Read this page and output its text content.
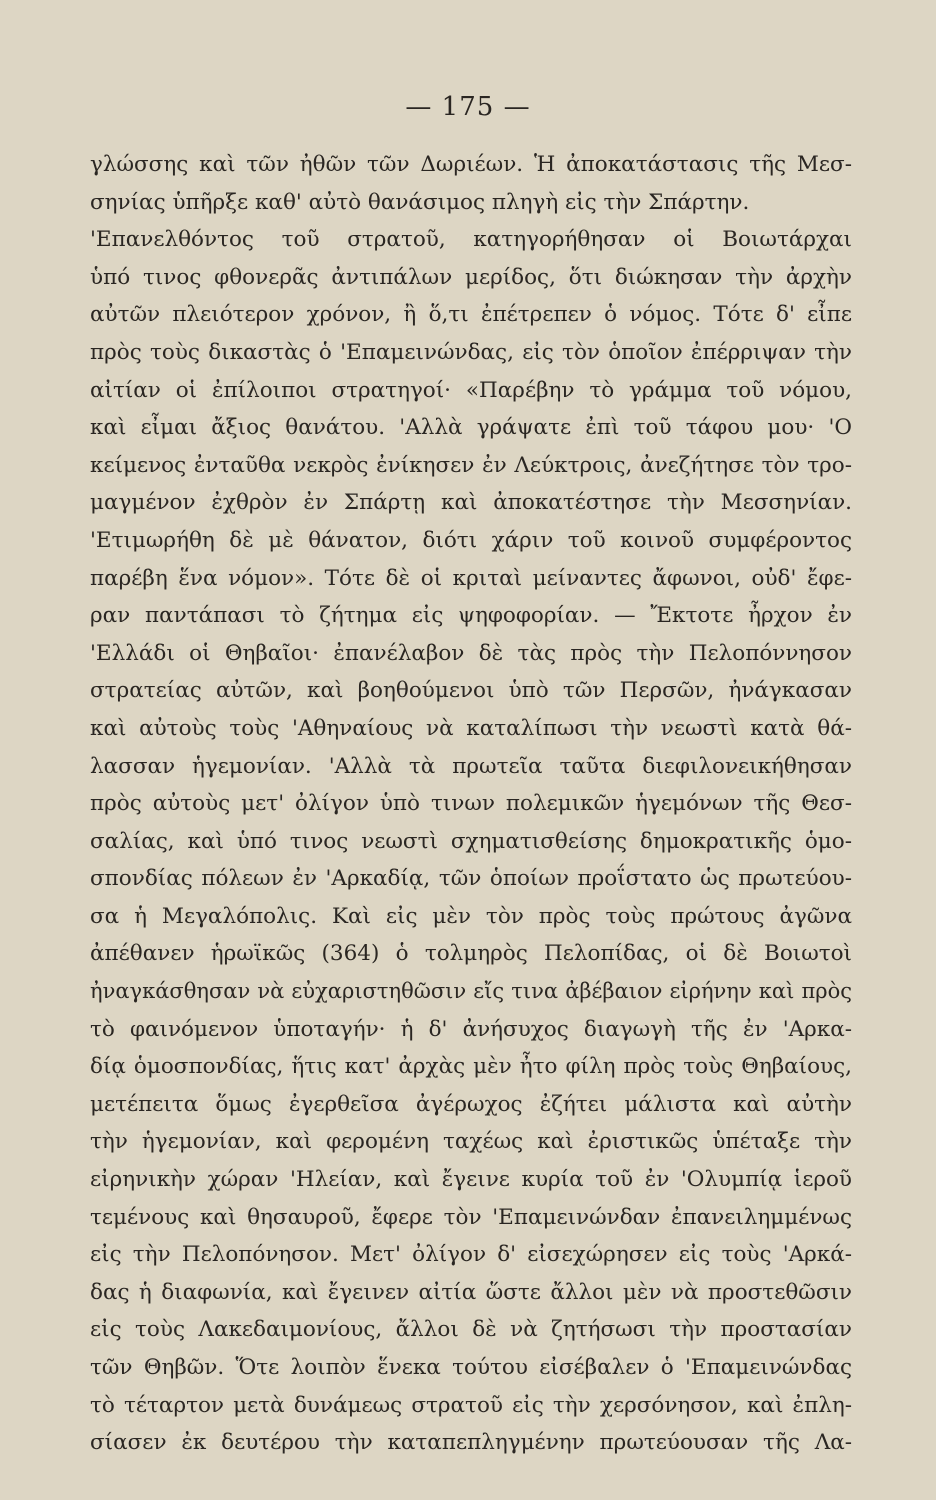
— 175 —
γλώσσης καὶ τῶν ἠθῶν τῶν Δωριέων. Ἡ ἀποκατάστασις τῆς Μεσ-
σηνίας ὑπῆρξε καθ' αὐτὸ θανάσιμος πληγὴ εἰς τὴν Σπάρτην.
'Επανελθόντος τοῦ στρατοῦ, κατηγορήθησαν οἱ Βοιωτάρχαι
ὑπό τινος φθονερᾶς ἀντιπάλων μερίδος, ὅτι διώκησαν τὴν ἀρχὴν
αὐτῶν πλειότερον χρόνον, ἢ ὅ,τι ἐπέτρεπεν ὁ νόμος. Τότε δ' εἶπε
πρὸς τοὺς δικαστὰς ὁ 'Επαμεινώνδας, εἰς τὸν ὁποῖον ἐπέρριψαν τὴν
αἰτίαν οἱ ἐπίλοιποι στρατηγοί· «Παρέβην τὸ γράμμα τοῦ νόμου,
καὶ εἶμαι ἄξιος θανάτου. 'Αλλὰ γράψατε ἐπὶ τοῦ τάφου μου· 'Ο
κείμενος ἐνταῦθα νεκρὸς ἐνίκησεν ἐν Λεύκτροις, ἀνεζήτησε τὸν τρο-
μαγμένον ἐχθρὸν ἐν Σπάρτῃ καὶ ἀποκατέστησε τὴν Μεσσηνίαν.
'Ετιμωρήθη δὲ μὲ θάνατον, διότι χάριν τοῦ κοινοῦ συμφέροντος
παρέβη ἕνα νόμον». Τότε δὲ οἱ κριταὶ μείναντες ἄφωνοι, οὐδ' ἔφε-
ραν παντάπασι τὸ ζήτημα εἰς ψηφοφορίαν. — Ἔκτοτε ἦρχον ἐν
'Ελλάδι οἱ Θηβαῖοι· ἐπανέλαβον δὲ τὰς πρὸς τὴν Πελοπόννησον
στρατείας αὐτῶν, καὶ βοηθούμενοι ὑπὸ τῶν Περσῶν, ἠνάγκασαν
καὶ αὐτοὺς τοὺς 'Αθηναίους νὰ καταλίπωσι τὴν νεωστὶ κατὰ θά-
λασσαν ἡγεμονίαν. 'Αλλὰ τὰ πρωτεῖα ταῦτα διεφιλονεικήθησαν
πρὸς αὐτοὺς μετ' ὀλίγον ὑπὸ τινων πολεμικῶν ἡγεμόνων τῆς Θεσ-
σαλίας, καὶ ὑπό τινος νεωστὶ σχηματισθείσης δημοκρατικῆς ὁμο-
σπονδίας πόλεων ἐν 'Αρκαδίᾳ, τῶν ὁποίων προΐστατο ὡς πρωτεύου-
σα ἡ Μεγαλόπολις. Καὶ εἰς μὲν τὸν πρὸς τοὺς πρώτους ἀγῶνα
ἀπέθανεν ἡρωϊκῶς (364) ὁ τολμηρὸς Πελοπίδας, οἱ δὲ Βοιωτοὶ
ἠναγκάσθησαν νὰ εὐχαριστηθῶσιν εἴς τινα ἀβέβαιον εἰρήνην καὶ πρὸς
τὸ φαινόμενον ὑποταγήν· ἡ δ' ἀνήσυχος διαγωγὴ τῆς ἐν 'Αρκα-
δίᾳ ὁμοσπονδίας, ἥτις κατ' ἀρχὰς μὲν ἦτο φίλη πρὸς τοὺς Θηβαίους,
μετέπειτα ὅμως ἐγερθεῖσα ἀγέρωχος ἐζήτει μάλιστα καὶ αὐτὴν
τὴν ἡγεμονίαν, καὶ φερομένη ταχέως καὶ ἐριστικῶς ὑπέταξε τὴν
εἰρηνικὴν χώραν 'Ηλείαν, καὶ ἔγεινε κυρία τοῦ ἐν 'Ολυμπίᾳ ἱεροῦ
τεμένους καὶ θησαυροῦ, ἔφερε τὸν 'Επαμεινώνδαν ἐπανειλημμένως
εἰς τὴν Πελοπόνησον. Μετ' ὀλίγον δ' εἰσεχώρησεν εἰς τοὺς 'Αρκά-
δας ἡ διαφωνία, καὶ ἔγεινεν αἰτία ὥστε ἄλλοι μὲν νὰ προστεθῶσιν
εἰς τοὺς Λακεδαιμονίους, ἄλλοι δὲ νὰ ζητήσωσι τὴν προστασίαν
τῶν Θηβῶν. Ὅτε λοιπὸν ἕνεκα τούτου εἰσέβαλεν ὁ 'Επαμεινώνδας
τὸ τέταρτον μετὰ δυνάμεως στρατοῦ εἰς τὴν χερσόνησον, καὶ ἐπλη-
σίασεν ἐκ δευτέρου τὴν καταπεπληγμένην πρωτεύουσαν τῆς Λα-
